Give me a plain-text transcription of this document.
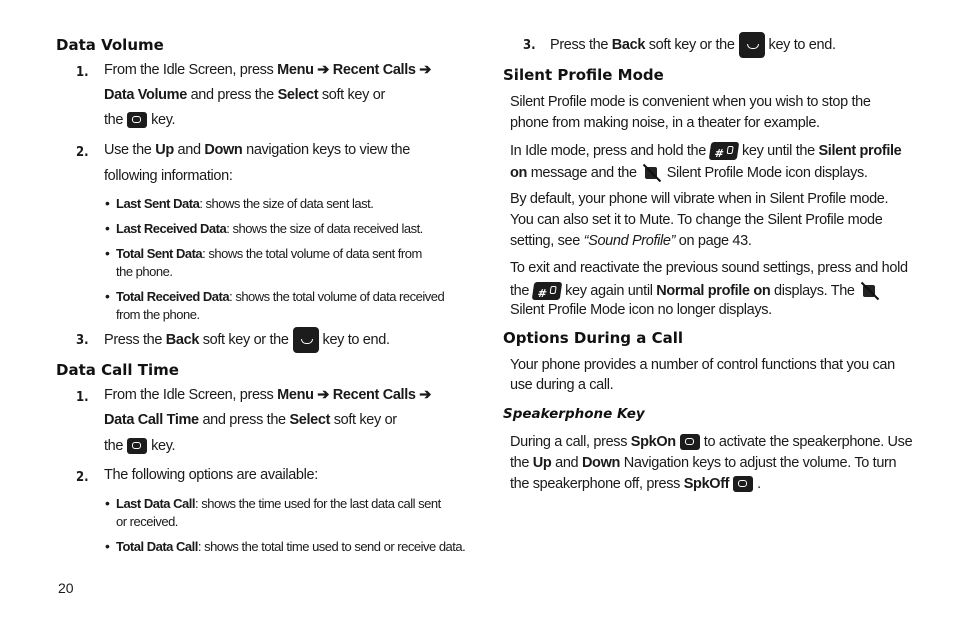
Data Volume
1. From the Idle Screen, press Menu ➔ Recent Calls ➔
Data Volume and press the Select soft key or
the key.
2. Use the Up and Down navigation keys to view the
following information:
• Last Sent Data: shows the size of data sent last.
• Last Received Data: shows the size of data received last.
• Total Sent Data: shows the total volume of data sent from
the phone.
• Total Received Data: shows the total volume of data received
from the phone.
3. Press the Back soft key or the key to end.
Data Call Time
1. From the Idle Screen, press Menu ➔ Recent Calls ➔
Data Call Time and press the Select soft key or
the key.
2. The following options are available:
• Last Data Call: shows the time used for the last data call sent
or received.
• Total Data Call: shows the total time used to send or receive data.
3. Press the Back soft key or the key to end.
Silent Profile Mode
Silent Profile mode is convenient when you wish to stop the
phone from making noise, in a theater for example.
In Idle mode, press and hold the # key until the Silent profile
on message and the Silent Profile Mode icon displays.
By default, your phone will vibrate when in Silent Profile mode.
You can also set it to Mute. To change the Silent Profile mode
setting, see “Sound Profile” on page 43.
To exit and reactivate the previous sound settings, press and hold
the # key again until Normal profile on displays. The
Silent Profile Mode icon no longer displays.
Options During a Call
Your phone provides a number of control functions that you can
use during a call.
Speakerphone Key
During a call, press SpkOn to activate the speakerphone. Use
the Up and Down Navigation keys to adjust the volume. To turn
the speakerphone off, press SpkOff .
20
